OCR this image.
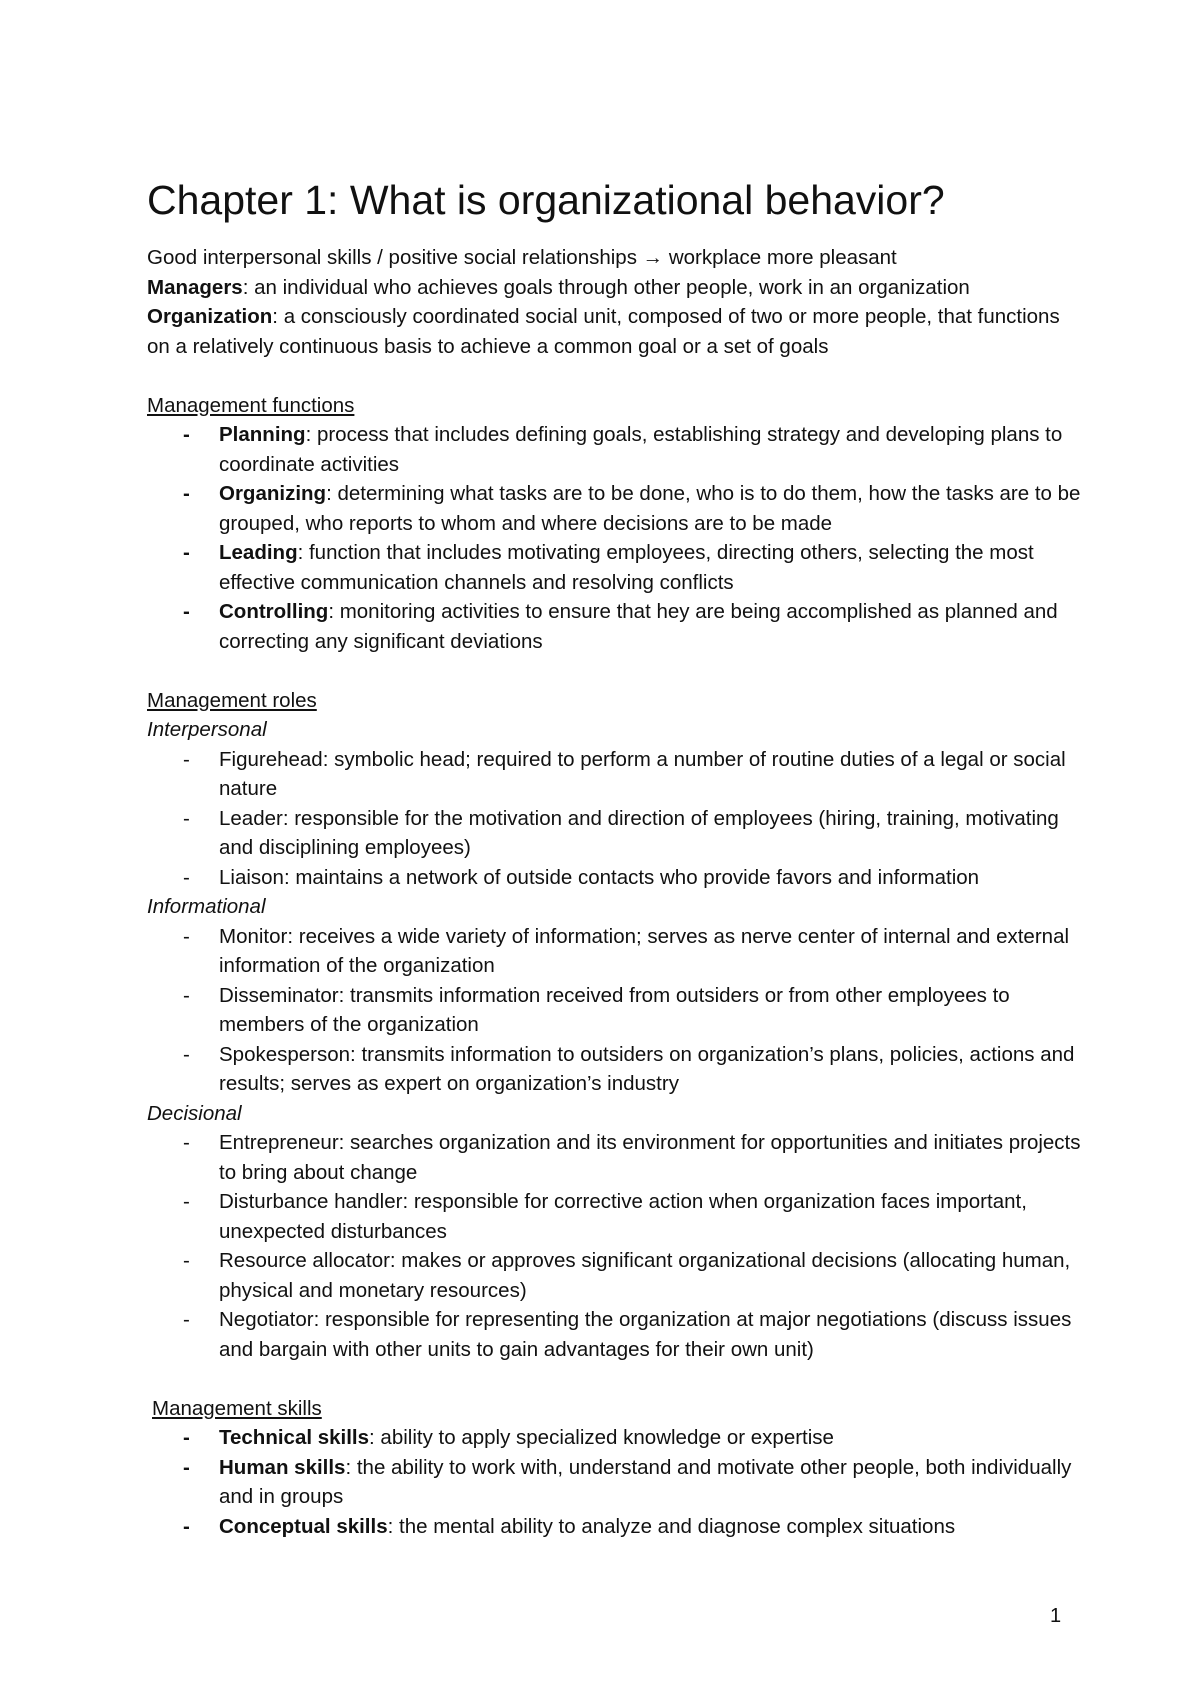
Chapter 1: What is organizational behavior?

Good interpersonal skills / positive social relationships → workplace more pleasant

Managers: an individual who achieves goals through other people, work in an organization

Organization: a consciously coordinated social unit, composed of two or more people, that functions on a relatively continuous basis to achieve a common goal or a set of goals

Management functions

- Planning: process that includes defining goals, establishing strategy and developing plans to coordinate activities
- Organizing: determining what tasks are to be done, who is to do them, how the tasks are to be grouped, who reports to whom and where decisions are to be made
- Leading: function that includes motivating employees, directing others, selecting the most effective communication channels and resolving conflicts
- Controlling: monitoring activities to ensure that hey are being accomplished as planned and correcting any significant deviations

Management roles

Interpersonal

- Figurehead: symbolic head; required to perform a number of routine duties of a legal or social nature
- Leader: responsible for the motivation and direction of employees (hiring, training, motivating and disciplining employees)
- Liaison: maintains a network of outside contacts who provide favors and information

Informational

- Monitor: receives a wide variety of information; serves as nerve center of internal and external information of the organization
- Disseminator: transmits information received from outsiders or from other employees to members of the organization
- Spokesperson: transmits information to outsiders on organization’s plans, policies, actions and results; serves as expert on organization’s industry

Decisional

- Entrepreneur: searches organization and its environment for opportunities and initiates projects to bring about change
- Disturbance handler: responsible for corrective action when organization faces important, unexpected disturbances
- Resource allocator: makes or approves significant organizational decisions (allocating human, physical and monetary resources)
- Negotiator: responsible for representing the organization at major negotiations (discuss issues and bargain with other units to gain advantages for their own unit)

Management skills

- Technical skills: ability to apply specialized knowledge or expertise
- Human skills: the ability to work with, understand and motivate other people, both individually and in groups
- Conceptual skills: the mental ability to analyze and diagnose complex situations
1
